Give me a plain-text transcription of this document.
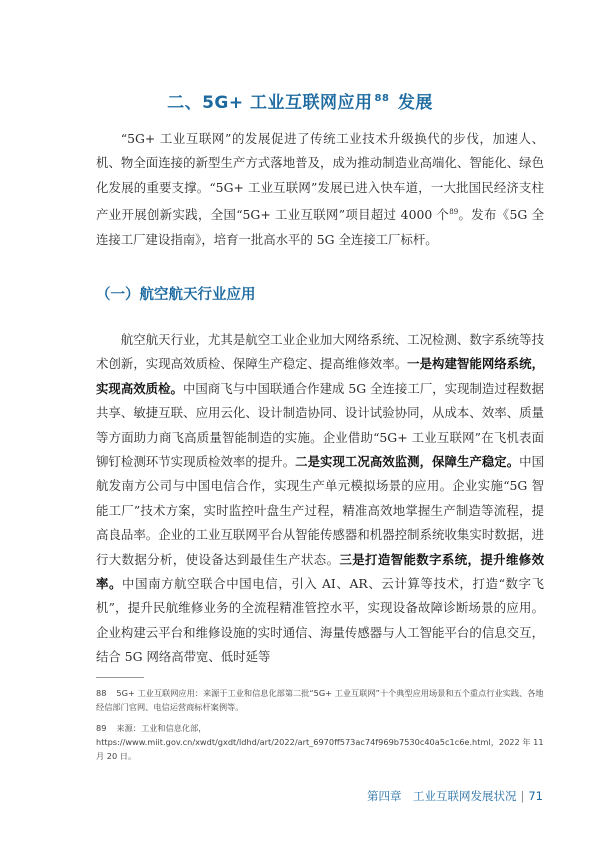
二、5G+ 工业互联网应用 $^{88}$ 发展

“5G+ 工业互联网”的发展促进了传统工业技术升级换代的步伐，加速人、机、物全面连接的新型生产方式落地普及，成为推动制造业高端化、智能化、绿色化发展的重要支撑。“5G+ 工业互联网”发展已进入快车道，一大批国民经济支柱产业开展创新实践，全国“5G+ 工业互联网”项目超过 4000 个$^{89}$。发布《5G 全连接工厂建设指南》，培育一批高水平的 5G 全连接工厂标杆。

（一）航空航天行业应用

航空航天行业，尤其是航空工业企业加大网络系统、工况检测、数字系统等技术创新，实现高效质检、保障生产稳定、提高维修效率。一是构建智能网络系统，实现高效质检。中国商飞与中国联通合作建成 5G 全连接工厂，实现制造过程数据共享、敏捷互联、应用云化、设计制造协同、设计试验协同，从成本、效率、质量等方面助力商飞高质量智能制造的实施。企业借助“5G+ 工业互联网”在飞机表面铆钉检测环节实现质检效率的提升。二是实现工况高效监测，保障生产稳定。中国航发南方公司与中国电信合作，实现生产单元模拟场景的应用。企业实施“5G 智能工厂”技术方案，实时监控叶盘生产过程，精准高效地掌握生产制造等流程，提高良品率。企业的工业互联网平台从智能传感器和机器控制系统收集实时数据，进行大数据分析，使设备达到最佳生产状态。三是打造智能数字系统，提升维修效率。中国南方航空联合中国电信，引入 AI、AR、云计算等技术，打造“数字飞机”，提升民航维修业务的全流程精准管控水平，实现设备故障诊断场景的应用。企业构建云平台和维修设施的实时通信、海量传感器与人工智能平台的信息交互，结合 5G 网络高带宽、低时延等

88 5G+ 工业互联网应用：来源于工业和信息化部第二批“5G+ 工业互联网”十个典型应用场景和五个重点行业实践、各地经信部门官网、电信运营商标杆案例等。
89 来源：工业和信息化部，https://www.miit.gov.cn/xwdt/gxdt/ldhd/art/2022/art_6970ff573ac74f969b7530c40a5c1c6e.html，2022 年 11 月 20 日。
第四章　工业互联网发展状况 | 71
